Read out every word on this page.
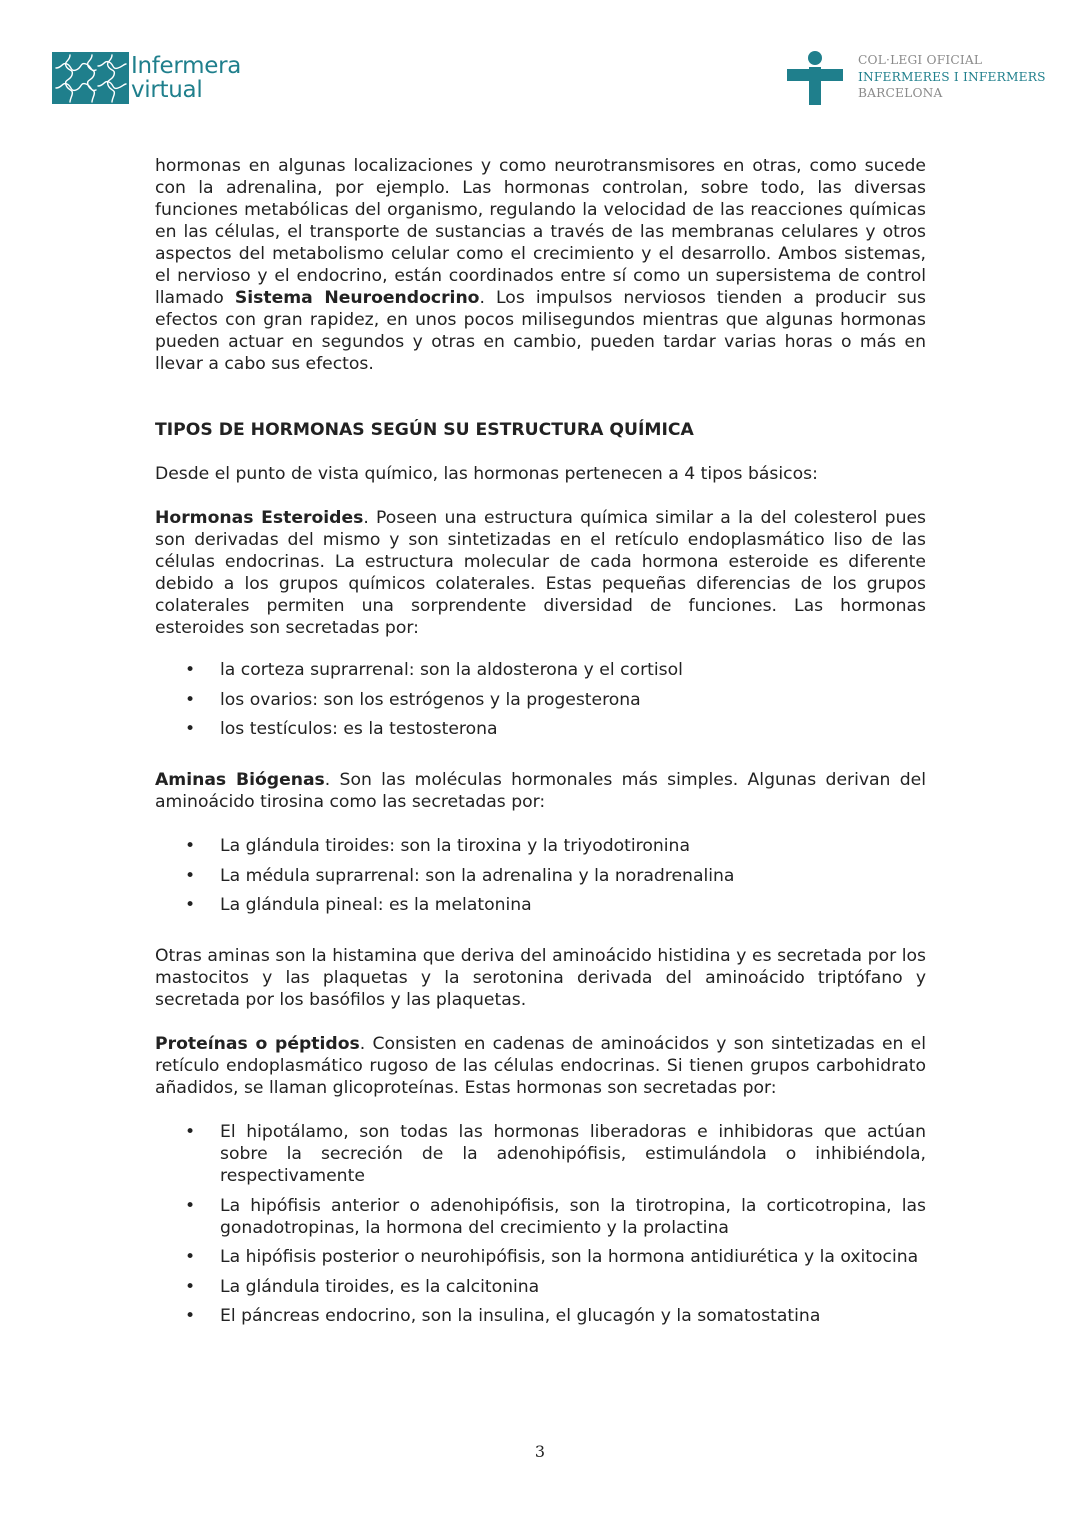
Infermera
virtual
COL·LEGI OFICIAL
INFERMERES I INFERMERS
BARCELONA

hormonas en algunas localizaciones y como neurotransmisores en otras, como sucede con la adrenalina, por ejemplo. Las hormonas controlan, sobre todo, las diversas funciones metabólicas del organismo, regulando la velocidad de las reacciones químicas en las células, el transporte de sustancias a través de las membranas celulares y otros aspectos del metabolismo celular como el crecimiento y el desarrollo. Ambos sistemas, el nervioso y el endocrino, están coordinados entre sí como un supersistema de control llamado Sistema Neuroendocrino. Los impulsos nerviosos tienden a producir sus efectos con gran rapidez, en unos pocos milisegundos mientras que algunas hormonas pueden actuar en segundos y otras en cambio, pueden tardar varias horas o más en llevar a cabo sus efectos.

TIPOS DE HORMONAS SEGÚN SU ESTRUCTURA QUÍMICA

Desde el punto de vista químico, las hormonas pertenecen a 4 tipos básicos:

Hormonas Esteroides. Poseen una estructura química similar a la del colesterol pues son derivadas del mismo y son sintetizadas en el retículo endoplasmático liso de las células endocrinas. La estructura molecular de cada hormona esteroide es diferente debido a los grupos químicos colaterales. Estas pequeñas diferencias de los grupos colaterales permiten una sorprendente diversidad de funciones. Las hormonas esteroides son secretadas por:

• la corteza suprarrenal: son la aldosterona y el cortisol
• los ovarios: son los estrógenos y la progesterona
• los testículos: es la testosterona

Aminas Biógenas. Son las moléculas hormonales más simples. Algunas derivan del aminoácido tirosina como las secretadas por:

• La glándula tiroides: son la tiroxina y la triyodotironina
• La médula suprarrenal: son la adrenalina y la noradrenalina
• La glándula pineal: es la melatonina

Otras aminas son la histamina que deriva del aminoácido histidina y es secretada por los mastocitos y las plaquetas y la serotonina derivada del aminoácido triptófano y secretada por los basófilos y las plaquetas.

Proteínas o péptidos. Consisten en cadenas de aminoácidos y son sintetizadas en el retículo endoplasmático rugoso de las células endocrinas. Si tienen grupos carbohidrato añadidos, se llaman glicoproteínas. Estas hormonas son secretadas por:

• El hipotálamo, son todas las hormonas liberadoras e inhibidoras que actúan sobre la secreción de la adenohipófisis, estimulándola o inhibiéndola, respectivamente
• La hipófisis anterior o adenohipófisis, son la tirotropina, la corticotropina, las gonadotropinas, la hormona del crecimiento y la prolactina
• La hipófisis posterior o neurohipófisis, son la hormona antidiurética y la oxitocina
• La glándula tiroides, es la calcitonina
• El páncreas endocrino, son la insulina, el glucagón y la somatostatina
3
